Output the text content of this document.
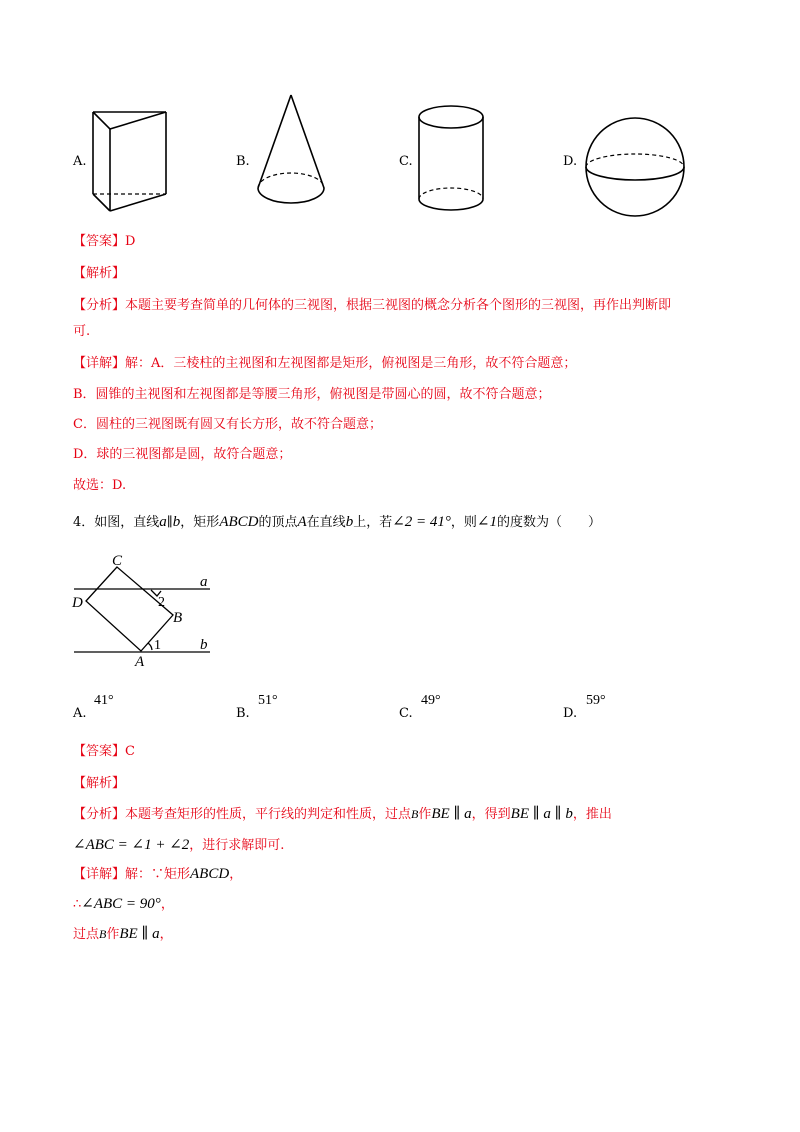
A.	B.	C.	D.
【答案】D
【解析】
【分析】本题主要考查简单的几何体的三视图，根据三视图的概念分析各个图形的三视图，再作出判断即
可.
【详解】解：A．三棱柱的主视图和左视图都是矩形，俯视图是三角形，故不符合题意；
B．圆锥的主视图和左视图都是等腰三角形，俯视图是带圆心的圆，故不符合题意；
C．圆柱的三视图既有圆又有长方形，故不符合题意；
D．球的三视图都是圆，故符合题意；
故选：D.
4．如图，直线a∥b，矩形ABCD的顶点A在直线b上，若∠2 = 41°，则∠1的度数为（　　）
C
D
B
A
1
2
a
b
A.
41°
B.
51°
C.
49°
D.
59°
【答案】C
【解析】
【分析】本题考查矩形的性质，平行线的判定和性质，过点B作BE ∥ a，得到BE ∥ a ∥ b，推出
∠ABC = ∠1 + ∠2，进行求解即可.
【详解】解：∵矩形ABCD，
∴∠ABC = 90°，
过点B作BE ∥ a，
